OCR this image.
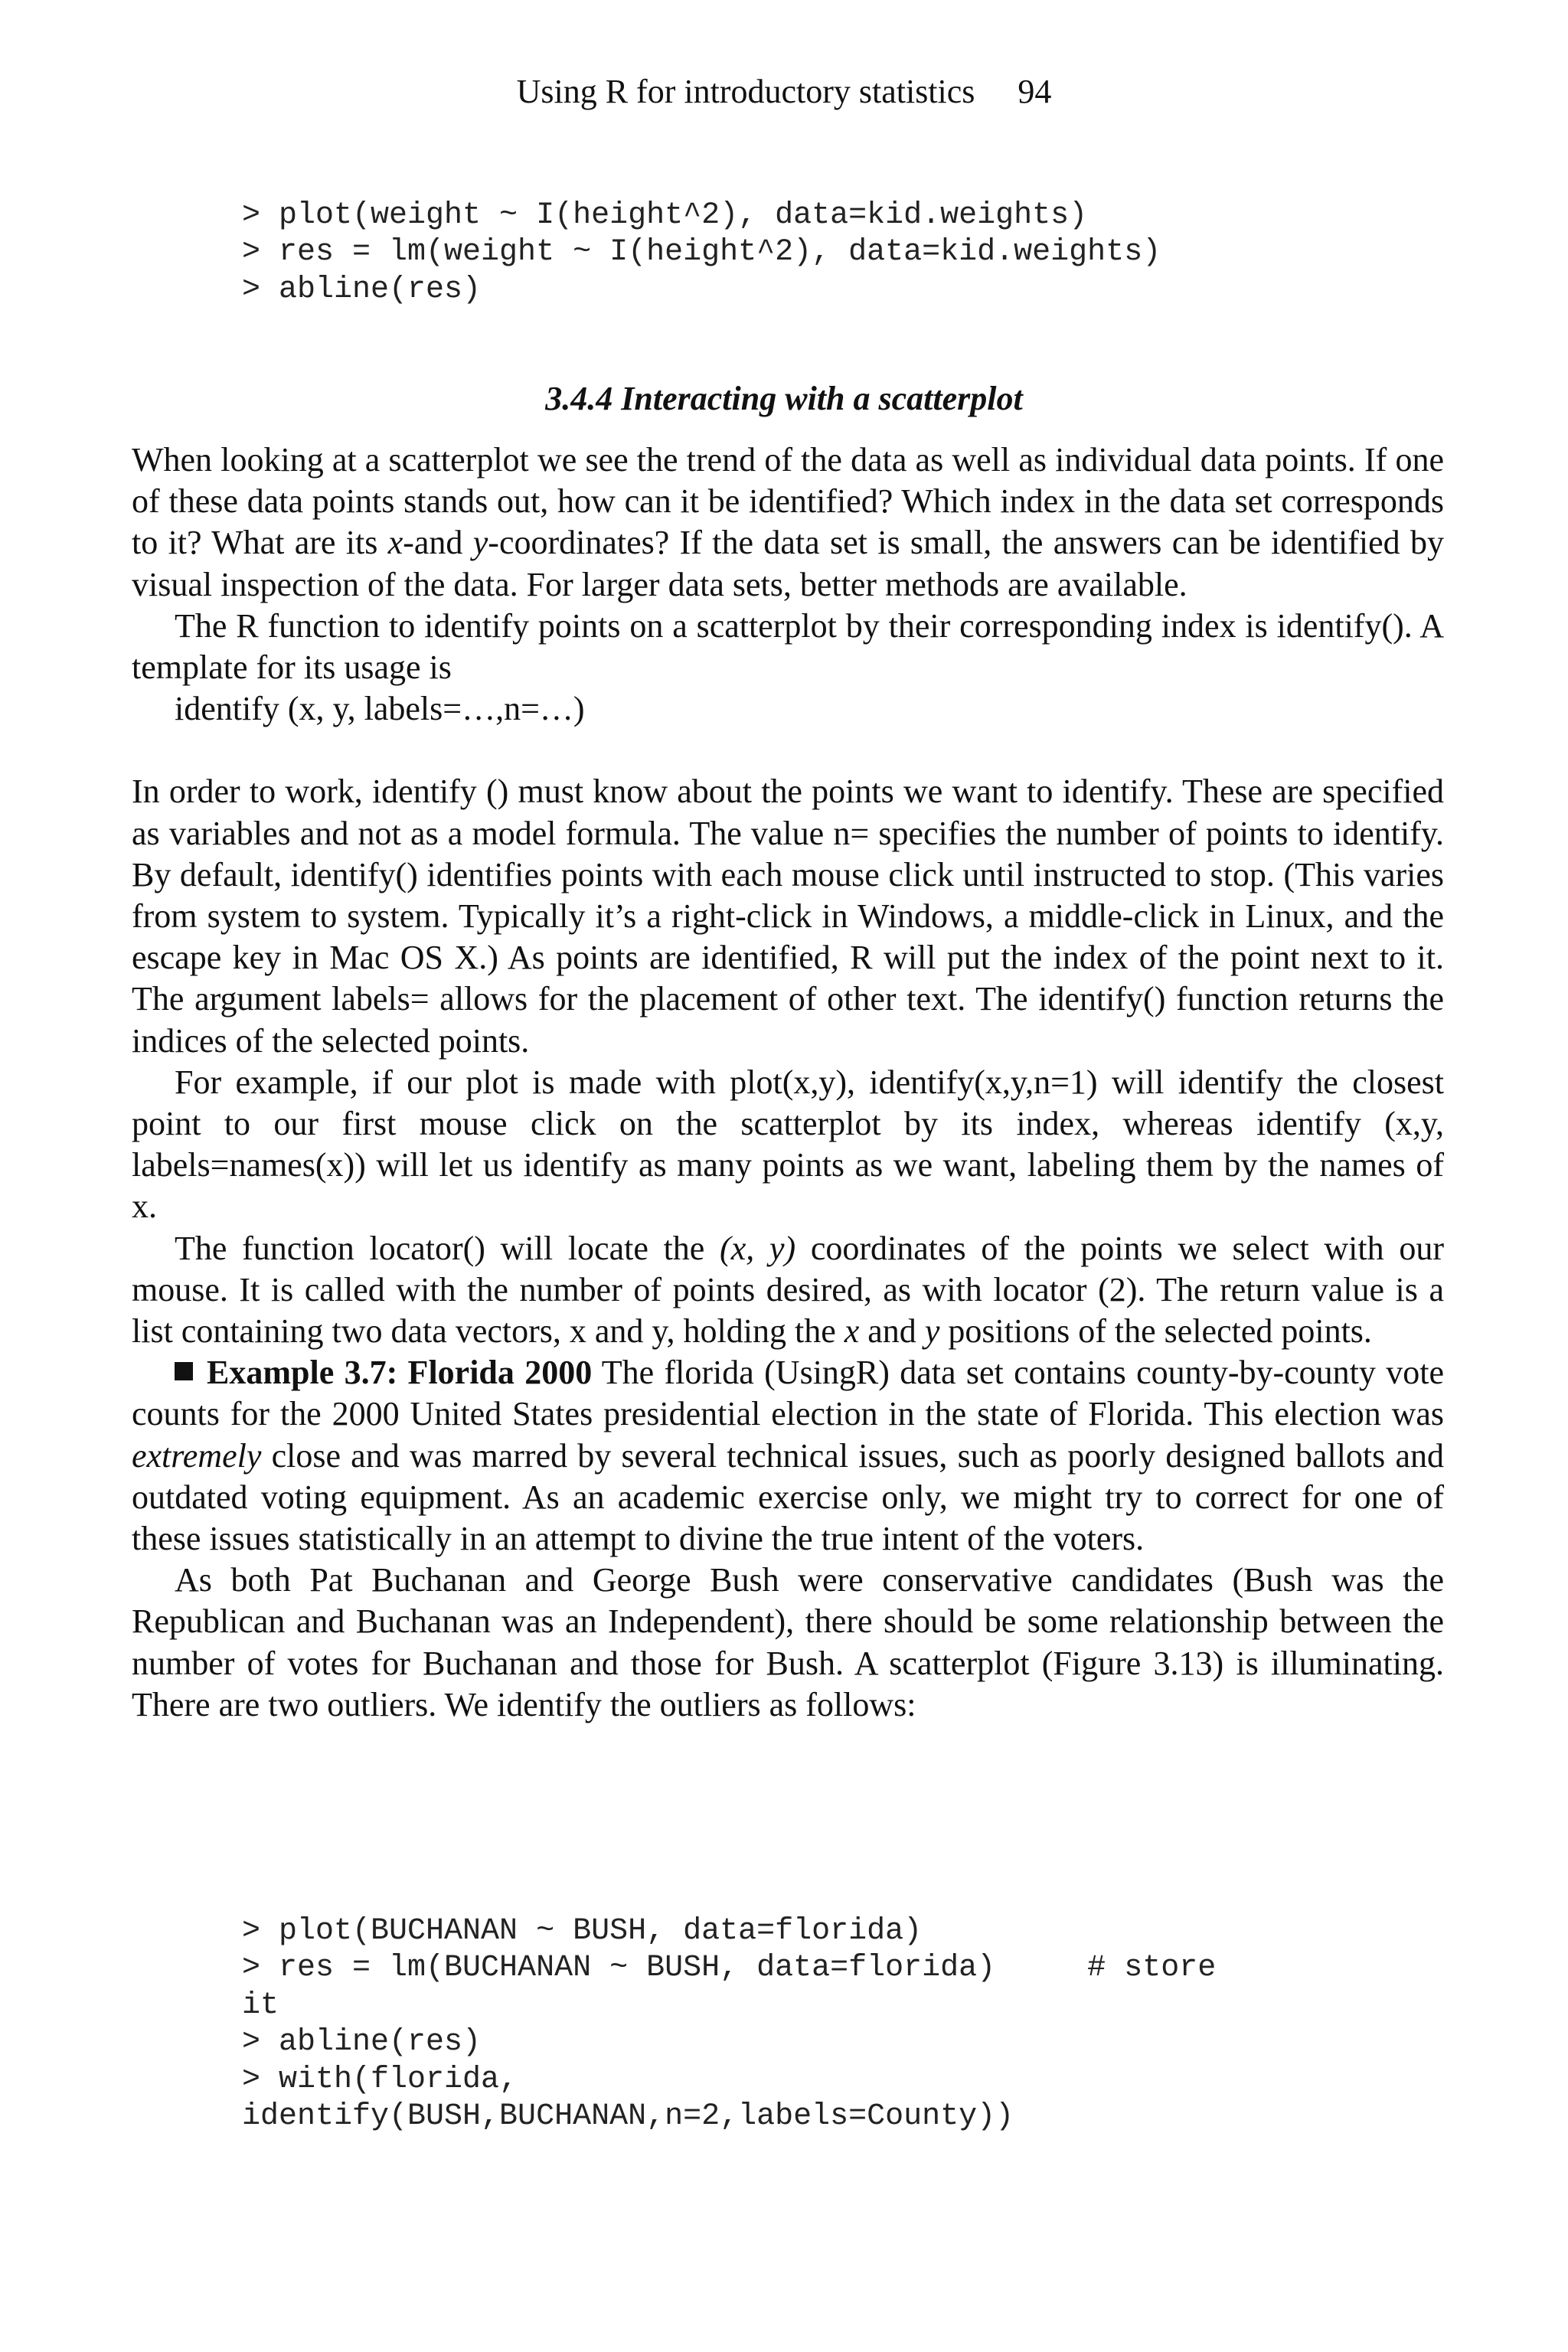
Using R for introductory statistics 94
> plot(weight ~ I(height^2), data=kid.weights)
> res = lm(weight ~ I(height^2), data=kid.weights)
> abline(res)
3.4.4 Interacting with a scatterplot

When looking at a scatterplot we see the trend of the data as well as individual data points. If one of these data points stands out, how can it be identified? Which index in the data set corresponds to it? What are its x-and y-coordinates? If the data set is small, the answers can be identified by visual inspection of the data. For larger data sets, better methods are available.

The R function to identify points on a scatterplot by their corresponding index is identify(). A template for its usage is

identify (x, y, labels=…,n=…)

In order to work, identify () must know about the points we want to identify. These are specified as variables and not as a model formula. The value n= specifies the number of points to identify. By default, identify() identifies points with each mouse click until instructed to stop. (This varies from system to system. Typically it’s a right-click in Windows, a middle-click in Linux, and the escape key in Mac OS X.) As points are identified, R will put the index of the point next to it. The argument labels= allows for the placement of other text. The identify() function returns the indices of the selected points.

For example, if our plot is made with plot(x,y), identify(x,y,n=1) will identify the closest point to our first mouse click on the scatterplot by its index, whereas identify (x,y, labels=names(x)) will let us identify as many points as we want, labeling them by the names of x.

The function locator() will locate the (x, y) coordinates of the points we select with our mouse. It is called with the number of points desired, as with locator (2). The return value is a list containing two data vectors, x and y, holding the x and y positions of the selected points.

Example 3.7: Florida 2000 The florida (UsingR) data set contains county-by-county vote counts for the 2000 United States presidential election in the state of Florida. This election was extremely close and was marred by several technical issues, such as poorly designed ballots and outdated voting equipment. As an academic exercise only, we might try to correct for one of these issues statistically in an attempt to divine the true intent of the voters.

As both Pat Buchanan and George Bush were conservative candidates (Bush was the Republican and Buchanan was an Independent), there should be some relationship between the number of votes for Buchanan and those for Bush. A scatterplot (Figure 3.13) is illuminating. There are two outliers. We identify the outliers as follows:

> plot(BUCHANAN ~ BUSH, data=florida)
> res = lm(BUCHANAN ~ BUSH, data=florida)     # store
it
> abline(res)
> with(florida,
identify(BUSH,BUCHANAN,n=2,labels=County))
